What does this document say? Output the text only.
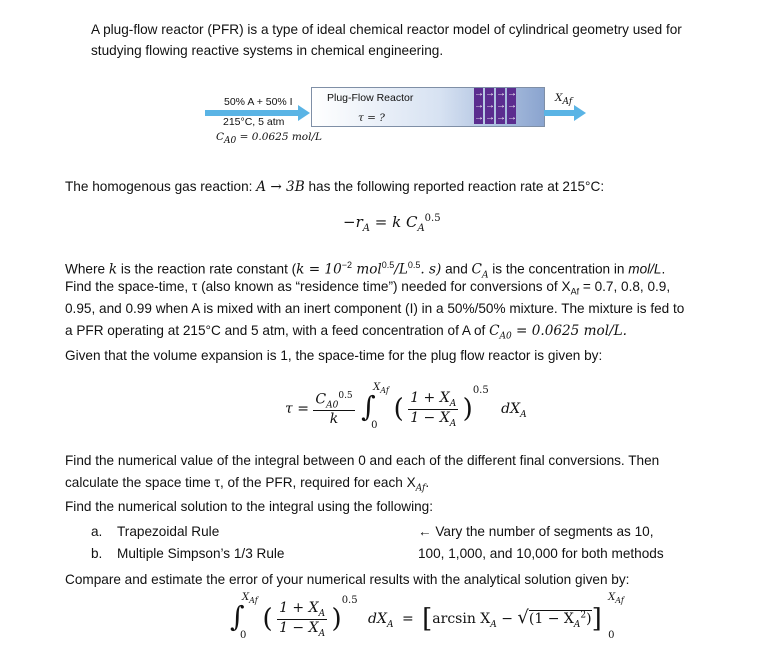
A plug-flow reactor (PFR) is a type of ideal chemical reactor model of cylindrical geometry used for
studying flowing reactive systems in chemical engineering.
50% A + 50% I
215°C, 5 atm
$C_{A0} = 0.0625$ mol/L
Plug-Flow Reactor
τ = ?
→
→
→
→
→
→
→
→
→
→
→
→
$X_{Af}$
The homogenous gas reaction: A → 3B has the following reported reaction rate at 215°C:
$-r_A = k$ $C_A^{0.5}$
Where k is the reaction rate constant ($k = 10^{-2}$ $mol^{0.5}/L^{0.5}$. s) and $C_A$ is the concentration in mol/L.
Find the space-time, τ (also known as “residence time”) needed for conversions of $X_{Af} = 0.7$, 0.8, 0.9,
0.95, and 0.99 when A is mixed with an inert component (I) in a 50%/50% mixture. The mixture is fed to
a PFR operating at 215°C and 5 atm, with a feed concentration of A of $C_{A0} = 0.0625$ mol/L.
Given that the volume expansion is 1, the space-time for the plug flow reactor is given by:
$\tau = \frac{C_{A0}^{0.5}}{k}$
∫
$X_{Af}$
0
( $\frac{1 + X_A}{1 - X_A} )^{0.5}$ $dX_A$
Find the numerical value of the integral between 0 and each of the different final conversions. Then
calculate the space time τ, of the PFR, required for each $X_{Af}$.
Find the numerical solution to the integral using the following:
a. Trapezoidal Rule
b. Multiple Simpson’s 1/3 Rule
← Vary the number of segments as 10,
100, 1,000, and 10,000 for both methods
Compare and estimate the error of your numerical results with the analytical solution given by:
∫
$X_{Af}$
0
( $\frac{1 + X_A}{1 - X_A} )^{0.5}$ $dX_A = [\arcsin$ $X_A - √(1 - X_A^2)$]
$X_{Af}$
0
